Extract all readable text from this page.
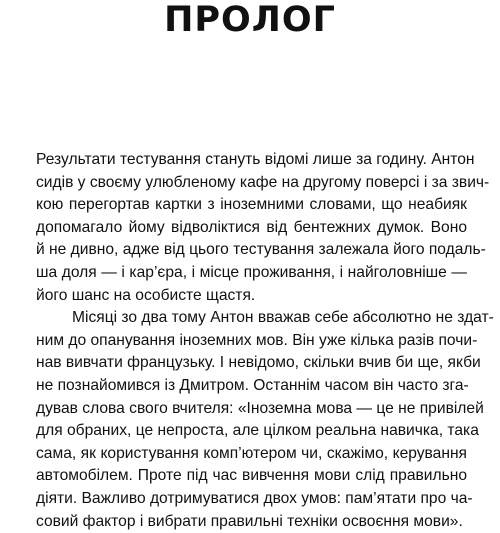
ПРОЛОГ

Результати тестування стануть відомі лише за годину. Антон
сидів у своєму улюбленому кафе на другому поверсі і за звич-
кою перегортав картки з іноземними словами, що неабияк
допомагало йому відволіктися від бентежних думок. Воно
й не дивно, адже від цього тестування залежала його подаль-
ша доля — і кар’єра, і місце проживання, і найголовніше —
його шанс на особисте щастя.

Місяці зо два тому Антон вважав себе абсолютно не здат-
ним до опанування іноземних мов. Він уже кілька разів почи-
нав вивчати французьку. І невідомо, скільки вчив би ще, якби
не познайомився із Дмитром. Останнім часом він часто зга-
дував слова свого вчителя: «Іноземна мова — це не привілей
для обраних, це непроста, але цілком реальна навичка, така
сама, як користування комп’ютером чи, скажімо, керування
автомобілем. Проте під час вивчення мови слід правильно
діяти. Важливо дотримуватися двох умов: пам’ятати про ча-
совий фактор і вибрати правильні техніки освоєння мови».
